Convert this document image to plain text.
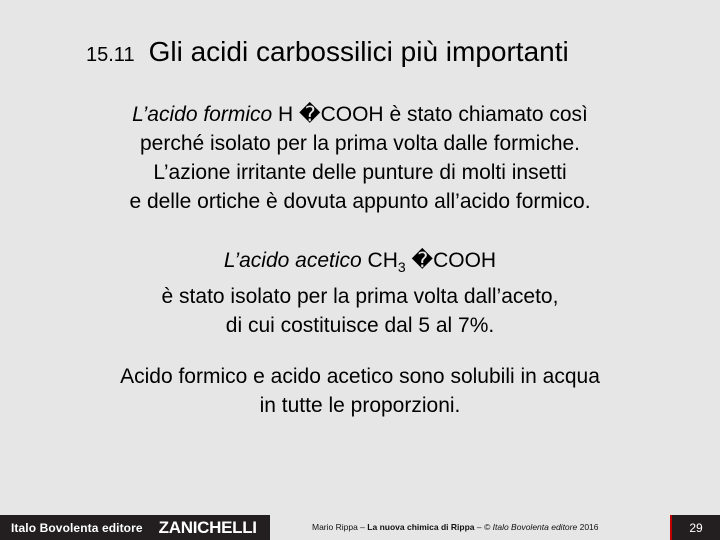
15.11 Gli acidi carbossilici più importanti
L’acido formico H �COOH è stato chiamato così
perché isolato per la prima volta dalle formiche.
L’azione irritante delle punture di molti insetti
e delle ortiche è dovuta appunto all’acido formico.
L’acido acetico $CH_3$ �COOH
è stato isolato per la prima volta dall’aceto,
di cui costituisce dal 5 al 7%.
Acido formico e acido acetico sono solubili in acqua
in tutte le proporzioni.
Italo Bovolenta editore ZANICHELLI	Mario Rippa – La nuova chimica di Rippa – © Italo Bovolenta editore 2016	29
